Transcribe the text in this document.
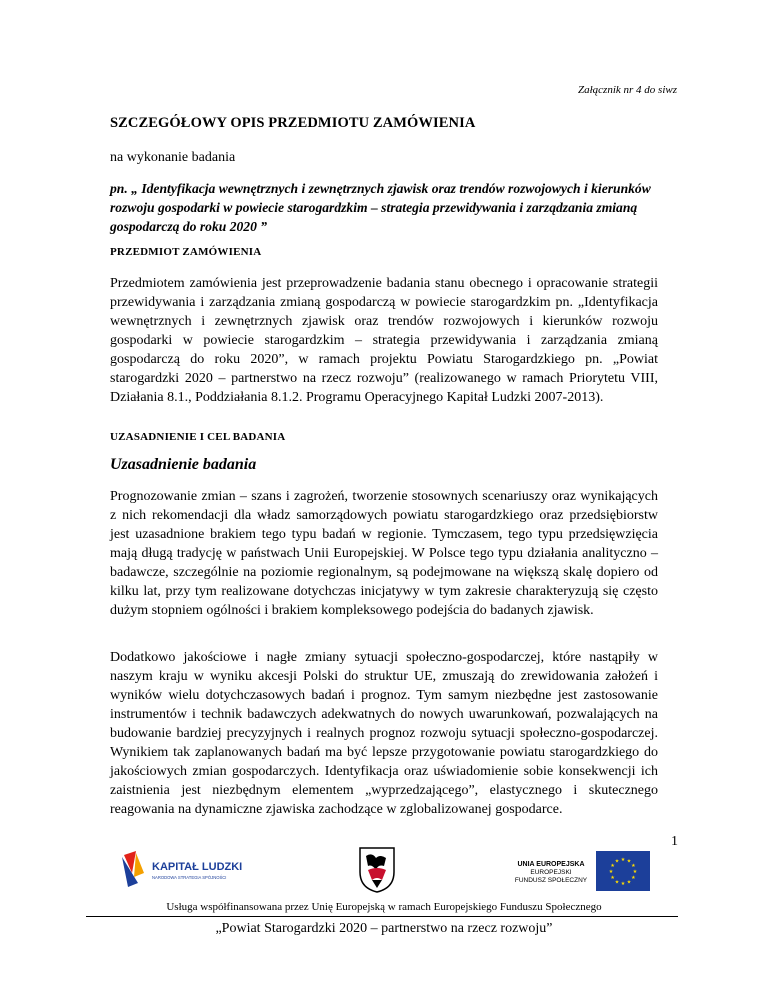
Załącznik nr 4 do siwz
SZCZEGÓŁOWY OPIS PRZEDMIOTU ZAMÓWIENIA
na wykonanie badania
pn. „ Identyfikacja wewnętrznych i zewnętrznych zjawisk oraz trendów rozwojowych i kierunków rozwoju gospodarki w powiecie starogardzkim – strategia przewidywania i zarządzania zmianą gospodarczą do roku 2020 ”
PRZEDMIOT ZAMÓWIENIA
Przedmiotem zamówienia jest przeprowadzenie badania stanu obecnego i opracowanie strategii przewidywania i zarządzania zmianą gospodarczą w powiecie starogardzkim pn. „Identyfikacja wewnętrznych i zewnętrznych zjawisk oraz trendów rozwojowych i kierunków rozwoju gospodarki w powiecie starogardzkim – strategia przewidywania i zarządzania zmianą gospodarczą do roku 2020”, w ramach projektu Powiatu Starogardzkiego pn. „Powiat starogardzki 2020 – partnerstwo na rzecz rozwoju” (realizowanego w ramach Priorytetu VIII, Działania 8.1., Poddziałania 8.1.2. Programu Operacyjnego Kapitał Ludzki 2007-2013).
UZASADNIENIE I CEL BADANIA
Uzasadnienie badania
Prognozowanie zmian – szans i zagrożeń, tworzenie stosownych scenariuszy oraz wynikających z nich rekomendacji dla władz samorządowych powiatu starogardzkiego oraz przedsiębiorstw jest uzasadnione brakiem tego typu badań w regionie. Tymczasem, tego typu przedsięwzięcia mają długą tradycję w państwach Unii Europejskiej. W Polsce tego typu działania analityczno – badawcze, szczególnie na poziomie regionalnym, są podejmowane na większą skalę dopiero od kilku lat, przy tym realizowane dotychczas inicjatywy w tym zakresie charakteryzują się często dużym stopniem ogólności i brakiem kompleksowego podejścia do badanych zjawisk.
Dodatkowo jakościowe i nagłe zmiany sytuacji społeczno-gospodarczej, które nastąpiły w naszym kraju w wyniku akcesji Polski do struktur UE, zmuszają do zrewidowania założeń i wyników wielu dotychczasowych badań i prognoz. Tym samym niezbędne jest zastosowanie instrumentów i technik badawczych adekwatnych do nowych uwarunkowań, pozwalających na budowanie bardziej precyzyjnych i realnych prognoz rozwoju sytuacji społeczno-gospodarczej. Wynikiem tak zaplanowanych badań ma być lepsze przygotowanie powiatu starogardzkiego do jakościowych zmian gospodarczych. Identyfikacja oraz uświadomienie sobie konsekwencji ich zaistnienia jest niezbędnym elementem „wyprzedzającego”, elastycznego i skutecznego reagowania na dynamiczne zjawiska zachodzące w zglobalizowanej gospodarce.
1
KAPITAŁ LUDZKI
NARODOWA STRATEGIA SPÓJNOŚCI
UNIA EUROPEJSKA
EUROPEJSKI
FUNDUSZ SPOŁECZNY
★ ★
★
★
★
★
★
★
★
★
★
★
Usługa współfinansowana przez Unię Europejską w ramach Europejskiego Funduszu Społecznego
„Powiat Starogardzki 2020 – partnerstwo na rzecz rozwoju”
